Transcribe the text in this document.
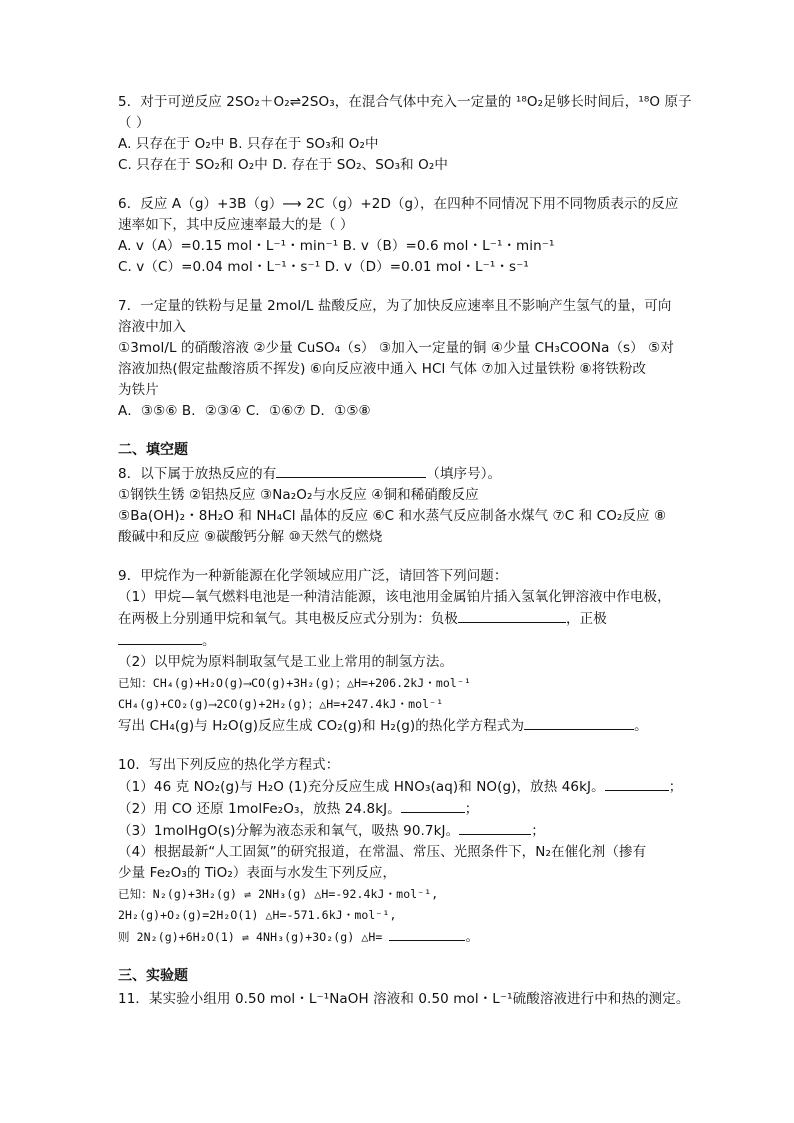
5．对于可逆反应 2SO₂＋O₂⇌2SO₃，在混合气体中充入一定量的 ¹⁸O₂足够长时间后，¹⁸O 原子
（ ）
A. 只存在于 O₂中 B. 只存在于 SO₃和 O₂中
C. 只存在于 SO₂和 O₂中 D. 存在于 SO₂、SO₃和 O₂中
6．反应 A（g）+3B（g）⟶ 2C（g）+2D（g），在四种不同情况下用不同物质表示的反应
速率如下，其中反应速率最大的是（ ）
A. v（A）=0.15 mol・L⁻¹・min⁻¹ B. v（B）=0.6 mol・L⁻¹・min⁻¹
C. v（C）=0.04 mol・L⁻¹・s⁻¹ D. v（D）=0.01 mol・L⁻¹・s⁻¹
7．一定量的铁粉与足量 2mol/L 盐酸反应，为了加快反应速率且不影响产生氢气的量，可向
溶液中加入
①3mol/L 的硝酸溶液 ②少量 CuSO₄（s） ③加入一定量的铜 ④少量 CH₃COONa（s） ⑤对
溶液加热(假定盐酸溶质不挥发) ⑥向反应液中通入 HCl 气体 ⑦加入过量铁粉 ⑧将铁粉改
为铁片
A．③⑤⑥ B．②③④ C．①⑥⑦ D．①⑤⑧
二、填空题
8．以下属于放热反应的有	（填序号）。
①钢铁生锈 ②铝热反应 ③Na₂O₂与水反应 ④铜和稀硝酸反应
⑤Ba(OH)₂・8H₂O 和 NH₄Cl 晶体的反应 ⑥C 和水蒸气反应制备水煤气 ⑦C 和 CO₂反应 ⑧
酸碱中和反应 ⑨碳酸钙分解 ⑩天然气的燃烧
9．甲烷作为一种新能源在化学领域应用广泛，请回答下列问题：
（1）甲烷—氧气燃料电池是一种清洁能源，该电池用金属铂片插入氢氧化钾溶液中作电极，
在两极上分别通甲烷和氧气。其电极反应式分别为：负极	，正极
。
（2）以甲烷为原料制取氢气是工业上常用的制氢方法。
已知：CH₄(g)+H₂O(g)⟶CO(g)+3H₂(g)；△H=+206.2kJ・mol⁻¹
CH₄(g)+CO₂(g)⟶2CO(g)+2H₂(g)；△H=+247.4kJ・mol⁻¹
写出 CH₄(g)与 H₂O(g)反应生成 CO₂(g)和 H₂(g)的热化学方程式为	。
10．写出下列反应的热化学方程式：
（1）46 克 NO₂(g)与 H₂O (1)充分反应生成 HNO₃(aq)和 NO(g)，放热 46kJ。	；
（2）用 CO 还原 1molFe₂O₃，放热 24.8kJ。	；
（3）1molHgO(s)分解为液态汞和氧气，吸热 90.7kJ。	；
（4）根据最新“人工固氮”的研究报道，在常温、常压、光照条件下，N₂在催化剂（掺有
少量 Fe₂O₃的 TiO₂）表面与水发生下列反应，
已知：N₂(g)+3H₂(g) ⇌ 2NH₃(g) △H=-92.4kJ・mol⁻¹,
2H₂(g)+O₂(g)=2H₂O(1) △H=-571.6kJ・mol⁻¹,
则 2N₂(g)+6H₂O(1) ⇌ 4NH₃(g)+3O₂(g) △H=	。
三、实验题
11．某实验小组用 0.50 mol・L⁻¹NaOH 溶液和 0.50 mol・L⁻¹硫酸溶液进行中和热的测定。
